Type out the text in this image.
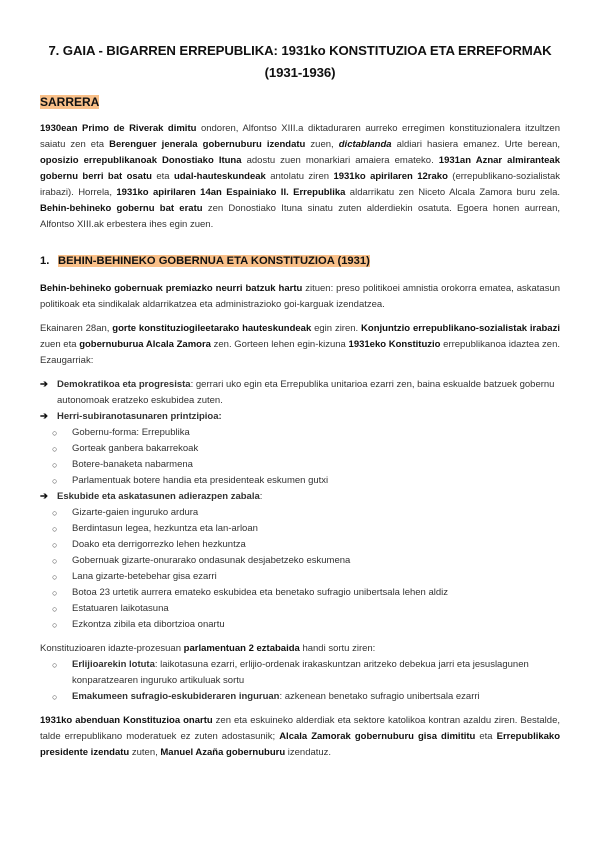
7. GAIA - BIGARREN ERREPUBLIKA: 1931ko KONSTITUZIOA ETA ERREFORMAK
(1931-1936)
SARRERA
1930ean Primo de Riverak dimitu ondoren, Alfontso XIII.a diktaduraren aurreko erregimen konstituzionalera itzultzen saiatu zen eta Berenguer jenerala gobernuburu izendatu zuen, dictablanda aldiari hasiera emanez. Urte berean, oposizio errepublikanoak Donostiako Ituna adostu zuen monarkiari amaiera emateko. 1931an Aznar almiranteak gobernu berri bat osatu eta udal-hauteskundeak antolatu ziren 1931ko apirilaren 12rako (errepublikano-sozialistak irabazi). Horrela, 1931ko apirilaren 14an Espainiako II. Errepublika aldarrikatu zen Niceto Alcala Zamora buru zela. Behin-behineko gobernu bat eratu zen Donostiako Ituna sinatu zuten alderdiekin osatuta. Egoera honen aurrean, Alfontso XIII.ak erbestera ihes egin zuen.
1. BEHIN-BEHINEKO GOBERNUA ETA KONSTITUZIOA (1931)
Behin-behineko gobernuak premiazko neurri batzuk hartu zituen: preso politikoei amnistia orokorra ematea, askatasun politikoak eta sindikalak aldarrikatzea eta administrazioko goi-karguak izendatzea.
Ekainaren 28an, gorte konstituziogileetarako hauteskundeak egin ziren. Konjuntzio errepublikano-sozialistak irabazi zuen eta gobernuburua Alcala Zamora zen. Gorteen lehen egin-kizuna 1931eko Konstituzio errepublikanoa idaztea zen. Ezaugarriak:
➔ Demokratikoa eta progresista: gerrari uko egin eta Errepublika unitarioa ezarri zen, baina eskualde batzuek gobernu autonomoak eratzeko eskubidea zuten.
➔ Herri-subiranotasunaren printzipioa:
○ Gobernu-forma: Errepublika
○ Gorteak ganbera bakarrekoak
○ Botere-banaketa nabarmena
○ Parlamentuak botere handia eta presidenteak eskumen gutxi
➔ Eskubide eta askatasunen adierazpen zabala:
○ Gizarte-gaien inguruko ardura
○ Berdintasun legea, hezkuntza eta lan-arloan
○ Doako eta derrigorrezko lehen hezkuntza
○ Gobernuak gizarte-onurarako ondasunak desjabetzeko eskumena
○ Lana gizarte-betebehar gisa ezarri
○ Botoa 23 urtetik aurrera emateko eskubidea eta benetako sufragio unibertsala lehen aldiz
○ Estatuaren laikotasuna
○ Ezkontza zibila eta dibortzioa onartu
Konstituzioaren idazte-prozesuan parlamentuan 2 eztabaida handi sortu ziren:
○ Erlijioarekin lotuta: laikotasuna ezarri, erlijio-ordenak irakaskuntzan aritzeko debekua jarri eta jesuslagunen konparatzearen inguruko artikuluak sortu
○ Emakumeen sufragio-eskubideraren inguruan: azkenean benetako sufragio unibertsala ezarri
1931ko abenduan Konstituzioa onartu zen eta eskuineko alderdiak eta sektore katolikoa kontran azaldu ziren. Bestalde, talde errepublikano moderatuek ez zuten adostasunik; Alcala Zamorak gobernuburu gisa dimititu eta Errepublikako presidente izendatu zuten, Manuel Azaña gobernuburu izendatuz.
